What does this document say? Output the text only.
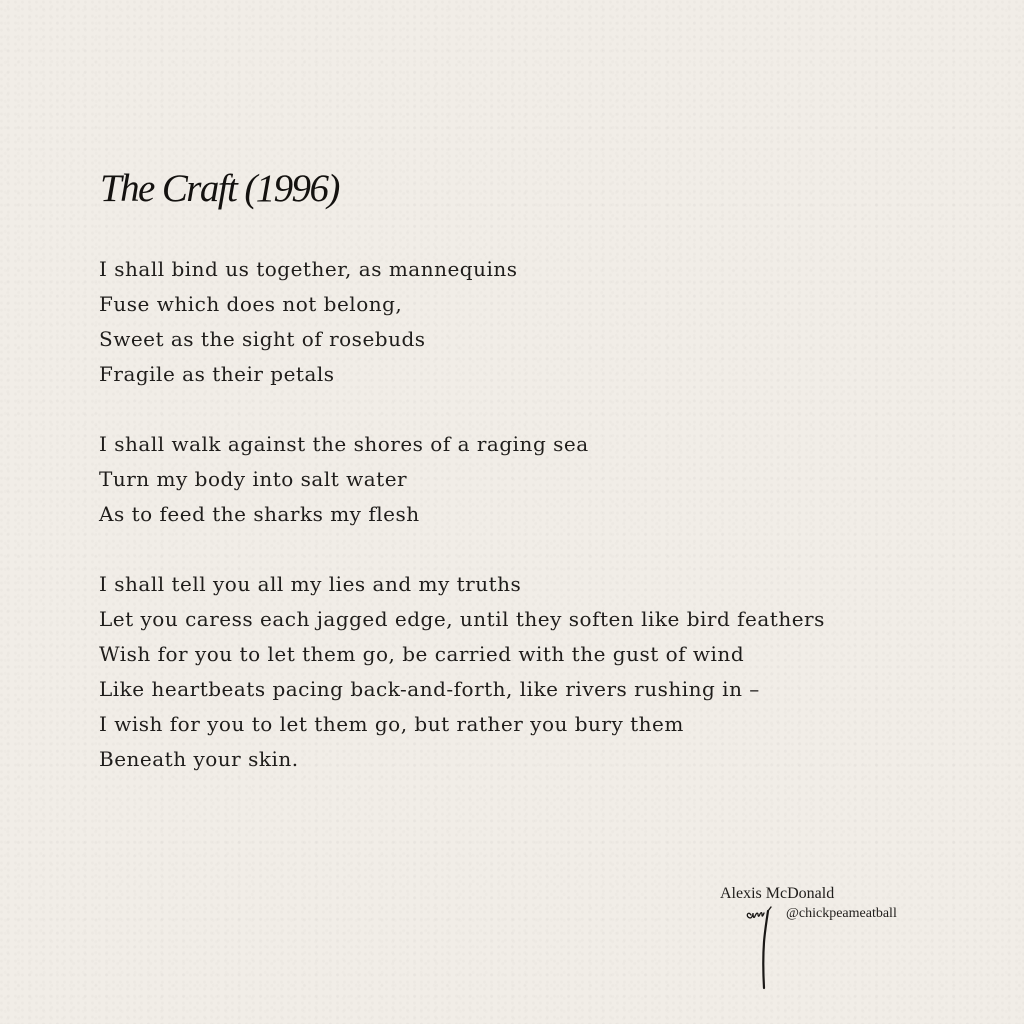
The Craft (1996)
I shall bind us together, as mannequins
Fuse which does not belong,
Sweet as the sight of rosebuds
Fragile as their petals
I shall walk against the shores of a raging sea
Turn my body into salt water
As to feed the sharks my flesh
I shall tell you all my lies and my truths
Let you caress each jagged edge, until they soften like bird feathers
Wish for you to let them go, be carried with the gust of wind
Like heartbeats pacing back-and-forth, like rivers rushing in –
I wish for you to let them go, but rather you bury them
Beneath your skin.
Alexis McDonald
@chickpeameatball
